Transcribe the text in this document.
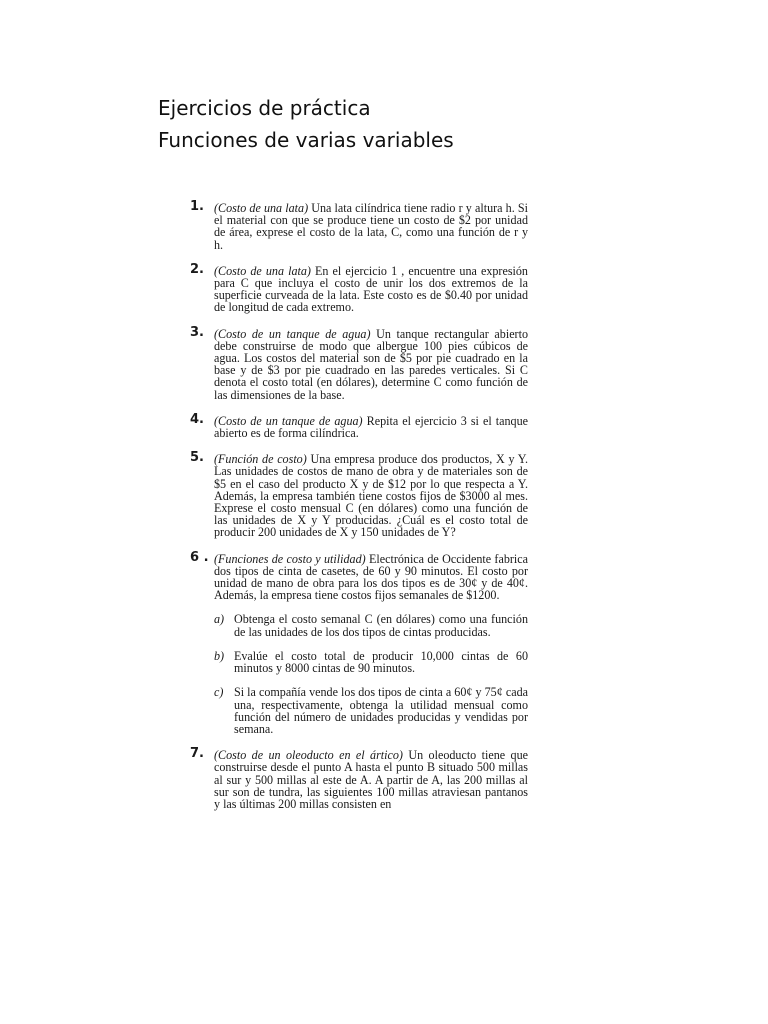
Ejercicios de práctica
Funciones de varias variables
1. (Costo de una lata) Una lata cilíndrica tiene radio r y altura h. Si el material con que se produce tiene un costo de $2 por unidad de área, exprese el costo de la lata, C, como una función de r y h.
2. (Costo de una lata) En el ejercicio 1 , encuentre una expresión para C que incluya el costo de unir los dos extremos de la superficie curveada de la lata. Este costo es de $0.40 por unidad de longitud de cada extremo.
3. (Costo de un tanque de agua) Un tanque rectangular abierto debe construirse de modo que albergue 100 pies cúbicos de agua. Los costos del material son de $5 por pie cuadrado en la base y de $3 por pie cuadrado en las paredes verticales. Si C denota el costo total (en dólares), determine C como función de las dimensiones de la base.
4. (Costo de un tanque de agua) Repita el ejercicio 3 si el tanque abierto es de forma cilíndrica.
5. (Función de costo) Una empresa produce dos productos, X y Y. Las unidades de costos de mano de obra y de materiales son de $5 en el caso del producto X y de $12 por lo que respecta a Y. Además, la empresa también tiene costos fijos de $3000 al mes. Exprese el costo mensual C (en dólares) como una función de las unidades de X y Y producidas. ¿Cuál es el costo total de producir 200 unidades de X y 150 unidades de Y?
6 . (Funciones de costo y utilidad) Electrónica de Occidente fabrica dos tipos de cinta de casetes, de 60 y 90 minutos. El costo por unidad de mano de obra para los dos tipos es de 30¢ y de 40¢. Además, la empresa tiene costos fijos semanales de $1200.
a) Obtenga el costo semanal C (en dólares) como una función de las unidades de los dos tipos de cintas producidas.
b) Evalúe el costo total de producir 10,000 cintas de 60 minutos y 8000 cintas de 90 minutos.
c) Si la compañía vende los dos tipos de cinta a 60¢ y 75¢ cada una, respectivamente, obtenga la utilidad mensual como función del número de unidades producidas y vendidas por semana.
7. (Costo de un oleoducto en el ártico) Un oleoducto tiene que construirse desde el punto A hasta el punto B situado 500 millas al sur y 500 millas al este de A. A partir de A, las 200 millas al sur son de tundra, las siguientes 100 millas atraviesan pantanos y las últimas 200 millas consisten en
